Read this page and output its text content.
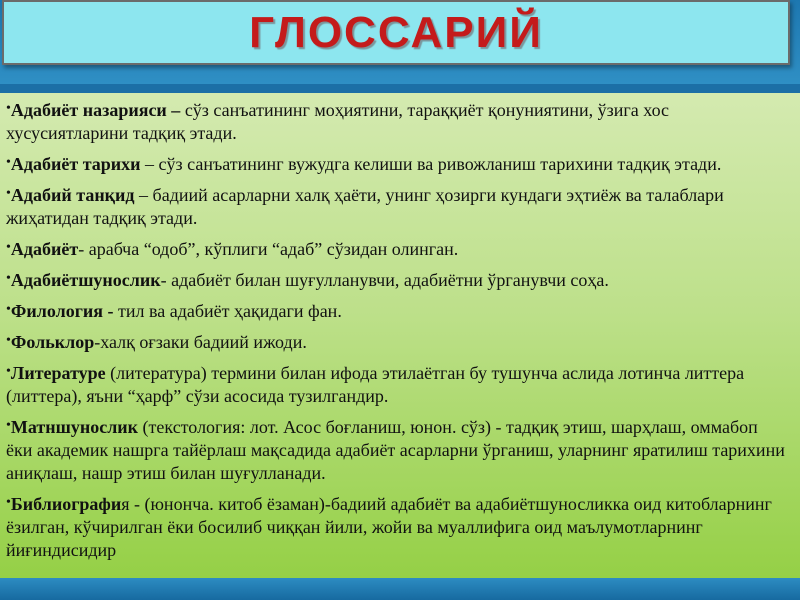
ГЛОССАРИЙ
•Адабиёт назарияси – сўз санъатининг моҳиятини, тараққиёт қонуниятини, ўзига хос хусусиятларини тадқиқ этади.
•Адабиёт тарихи – сўз санъатининг вужудга келиши ва ривожланиш тарихини тадқиқ этади.
•Адабий танқид – бадиий асарларни халқ ҳаёти, унинг ҳозирги кундаги эҳтиёж ва талаблари жиҳатидан тадқиқ этади.
•Адабиёт- арабча “одоб”, кўплиги “адаб” сўзидан олинган.
•Адабиётшунослик- адабиёт билан шуғулланувчи, адабиётни ўрганувчи соҳа.
•Филология - тил ва адабиёт ҳақидаги фан.
•Фольклор-халқ оғзаки бадиий ижоди.
•Литературе (литература) термини билан ифода этилаётган бу тушунча аслида лотинча литтера (литтера), яъни “ҳарф” сўзи асосида тузилгандир.
•Матншунослик (текстология: лот. Асос боғланиш, юнон. сўз) - тадқиқ этиш, шарҳлаш, оммабоп ёки академик нашрга тайёрлаш мақсадида адабиёт асарларни ўрганиш, уларнинг яратилиш тарихини аниқлаш, нашр этиш билан шуғулланади.
•Библиография - (юнонча. китоб ёзаман)-бадиий адабиёт ва адабиётшуносликка оид китобларнинг ёзилган, кўчирилган ёки босилиб чиққан йили, жойи ва муаллифига оид маълумотларнинг йиғиндисидир
